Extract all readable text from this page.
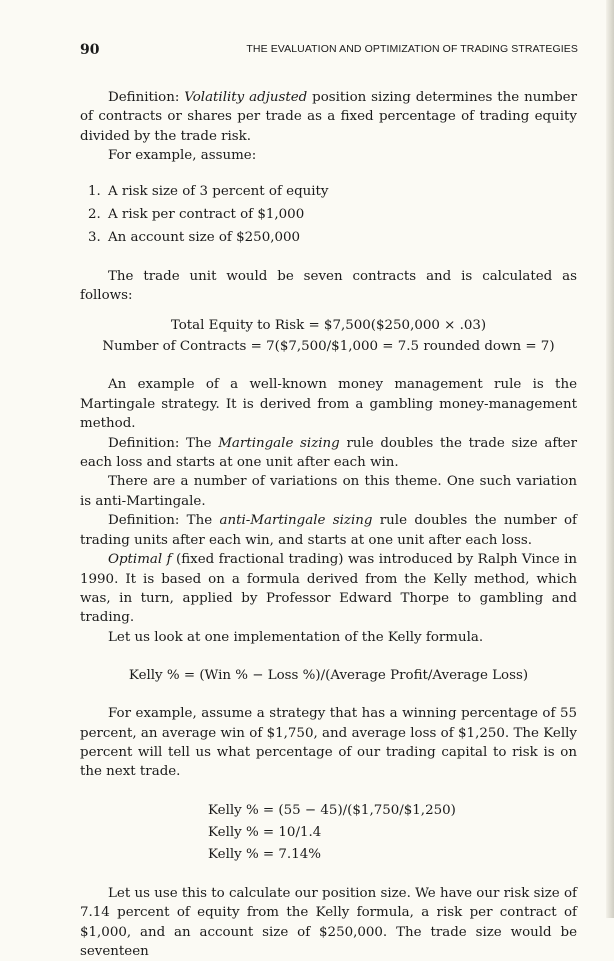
90	THE EVALUATION AND OPTIMIZATION OF TRADING STRATEGIES

Definition: Volatility adjusted position sizing determines the number of contracts or shares per trade as a fixed percentage of trading equity divided by the trade risk.

For example, assume:

1. A risk size of 3 percent of equity
2. A risk per contract of $1,000
3. An account size of $250,000

The trade unit would be seven contracts and is calculated as follows:

Total Equity to Risk = $7,500($250,000 × .03)
Number of Contracts = 7($7,500/$1,000 = 7.5 rounded down = 7)

An example of a well-known money management rule is the Martingale strategy. It is derived from a gambling money-management method.

Definition: The Martingale sizing rule doubles the trade size after each loss and starts at one unit after each win.

There are a number of variations on this theme. One such variation is anti-Martingale.

Definition: The anti-Martingale sizing rule doubles the number of trading units after each win, and starts at one unit after each loss.

Optimal f (fixed fractional trading) was introduced by Ralph Vince in 1990. It is based on a formula derived from the Kelly method, which was, in turn, applied by Professor Edward Thorpe to gambling and trading.

Let us look at one implementation of the Kelly formula.

Kelly % = (Win % − Loss %)/(Average Profit/Average Loss)

For example, assume a strategy that has a winning percentage of 55 percent, an average win of $1,750, and average loss of $1,250. The Kelly percent will tell us what percentage of our trading capital to risk is on the next trade.

Kelly % = (55 − 45)/($1,750/$1,250)
Kelly % = 10/1.4
Kelly % = 7.14%

Let us use this to calculate our position size. We have our risk size of 7.14 percent of equity from the Kelly formula, a risk per contract of $1,000, and an account size of $250,000. The trade size would be seventeen
